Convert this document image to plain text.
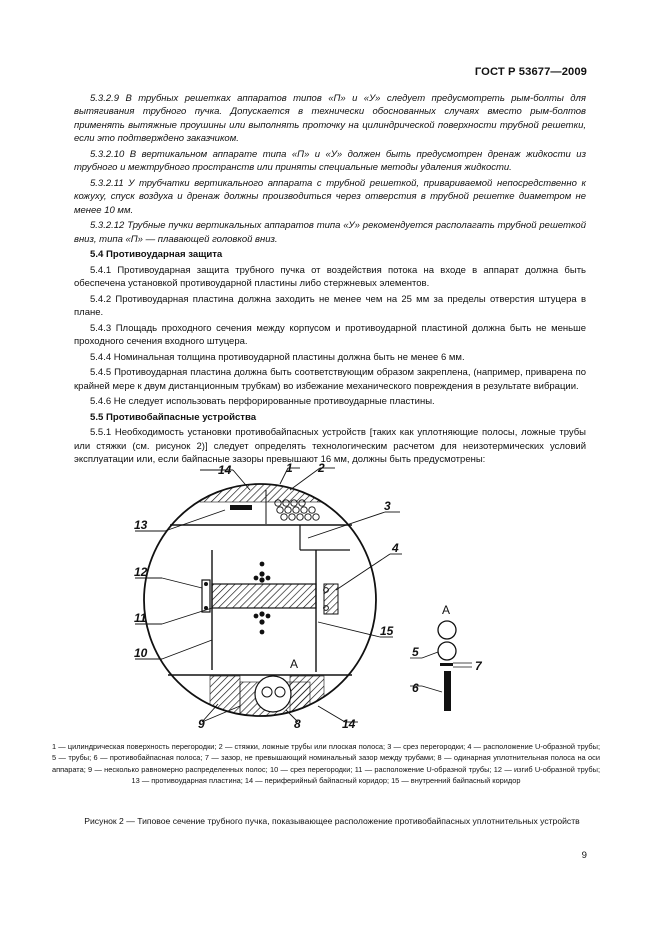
ГОСТ Р 53677—2009

5.3.2.9 В трубных решетках аппаратов типов «П» и «У» следует предусмотреть рым-болты для вытягивания трубного пучка. Допускается в технически обоснованных случаях вместо рым-болтов применять вытяжные проушины или выполнять проточку на цилиндрической поверхности трубной решетки, если это подтверждено заказчиком.

5.3.2.10 В вертикальном аппарате типа «П» и «У» должен быть предусмотрен дренаж жидкости из трубного и межтрубного пространств или приняты специальные методы удаления жидкости.

5.3.2.11 У трубчатки вертикального аппарата с трубной решеткой, привариваемой непосредственно к кожуху, спуск воздуха и дренаж должны производиться через отверстия в трубной решетке диаметром не менее 10 мм.

5.3.2.12 Трубные пучки вертикальных аппаратов типа «У» рекомендуется располагать трубной решеткой вниз, типа «П» — плавающей головкой вниз.

5.4 Противоударная защита

5.4.1 Противоударная защита трубного пучка от воздействия потока на входе в аппарат должна быть обеспечена установкой противоударной пластины либо стержневых элементов.

5.4.2 Противоударная пластина должна заходить не менее чем на 25 мм за пределы отверстия штуцера в плане.

5.4.3 Площадь проходного сечения между корпусом и противоударной пластиной должна быть не меньше проходного сечения входного штуцера.

5.4.4 Номинальная толщина противоударной пластины должна быть не менее 6 мм.

5.4.5 Противоударная пластина должна быть соответствующим образом закреплена, (например, приварена по крайней мере к двум дистанционным трубкам) во избежание механического повреждения в результате вибрации.

5.4.6 Не следует использовать перфорированные противоударные пластины.

5.5 Противобайпасные устройства

5.5.1 Необходимость установки противобайпасных устройств [таких как уплотняющие полосы, ложные трубы или стяжки (см. рисунок 2)] следует определять технологическим расчетом для неизотермических условий эксплуатации или, если байпасные зазоры превышают 16 мм, должны быть предусмотрены:

14	1 2
3
13
4
12
11
15
10
A
9	8	14
A
5
7
6
1 — цилиндрическая поверхность перегородки; 2 — стяжки, ложные трубы или плоская полоса; 3 — срез перегородки; 4 — расположение U-образной трубы; 5 — трубы; 6 — противобайпасная полоса; 7 — зазор, не превышающий номинальный зазор между трубами; 8 — одинарная уплотнительная полоса на оси аппарата; 9 — несколько равномерно распределенных полос; 10 — срез перегородки; 11 — расположение U-образной трубы; 12 — изгиб U-образной трубы; 13 — противоударная пластина; 14 — периферийный байпасный коридор; 15 — внутренний байпасный коридор
Рисунок 2 — Типовое сечение трубного пучка, показывающее расположение противобайпасных уплотнительных устройств
9
